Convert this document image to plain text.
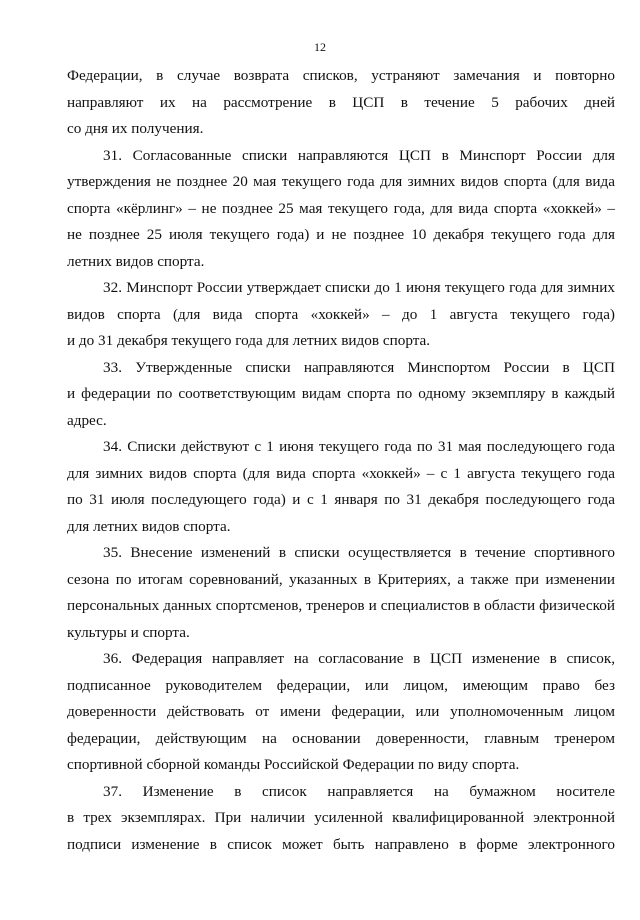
12
Федерации, в случае возврата списков, устраняют замечания и повторно
направляют их на рассмотрение в ЦСП в течение 5 рабочих дней
со дня их получения.
31. Согласованные списки направляются ЦСП в Минспорт России для
утверждения не позднее 20 мая текущего года для зимних видов спорта (для вида
спорта «кёрлинг» – не позднее 25 мая текущего года, для вида спорта «хоккей» –
не позднее 25 июля текущего года) и не позднее 10 декабря текущего года для
летних видов спорта.
32. Минспорт России утверждает списки до 1 июня текущего года для зимних
видов спорта (для вида спорта «хоккей» – до 1 августа текущего года)
и до 31 декабря текущего года для летних видов спорта.
33. Утвержденные списки направляются Минспортом России в ЦСП
и федерации по соответствующим видам спорта по одному экземпляру в каждый
адрес.
34. Списки действуют с 1 июня текущего года по 31 мая последующего года
для зимних видов спорта (для вида спорта «хоккей» – с 1 августа текущего года
по 31 июля последующего года) и с 1 января по 31 декабря последующего года
для летних видов спорта.
35. Внесение изменений в списки осуществляется в течение спортивного
сезона по итогам соревнований, указанных в Критериях, а также при изменении
персональных данных спортсменов, тренеров и специалистов в области физической
культуры и спорта.
36. Федерация направляет на согласование в ЦСП изменение в список,
подписанное руководителем федерации, или лицом, имеющим право без
доверенности действовать от имени федерации, или уполномоченным лицом
федерации, действующим на основании доверенности, главным тренером
спортивной сборной команды Российской Федерации по виду спорта.
37. Изменение в список направляется на бумажном носителе
в трех экземплярах. При наличии усиленной квалифицированной электронной
подписи изменение в список может быть направлено в форме электронного
